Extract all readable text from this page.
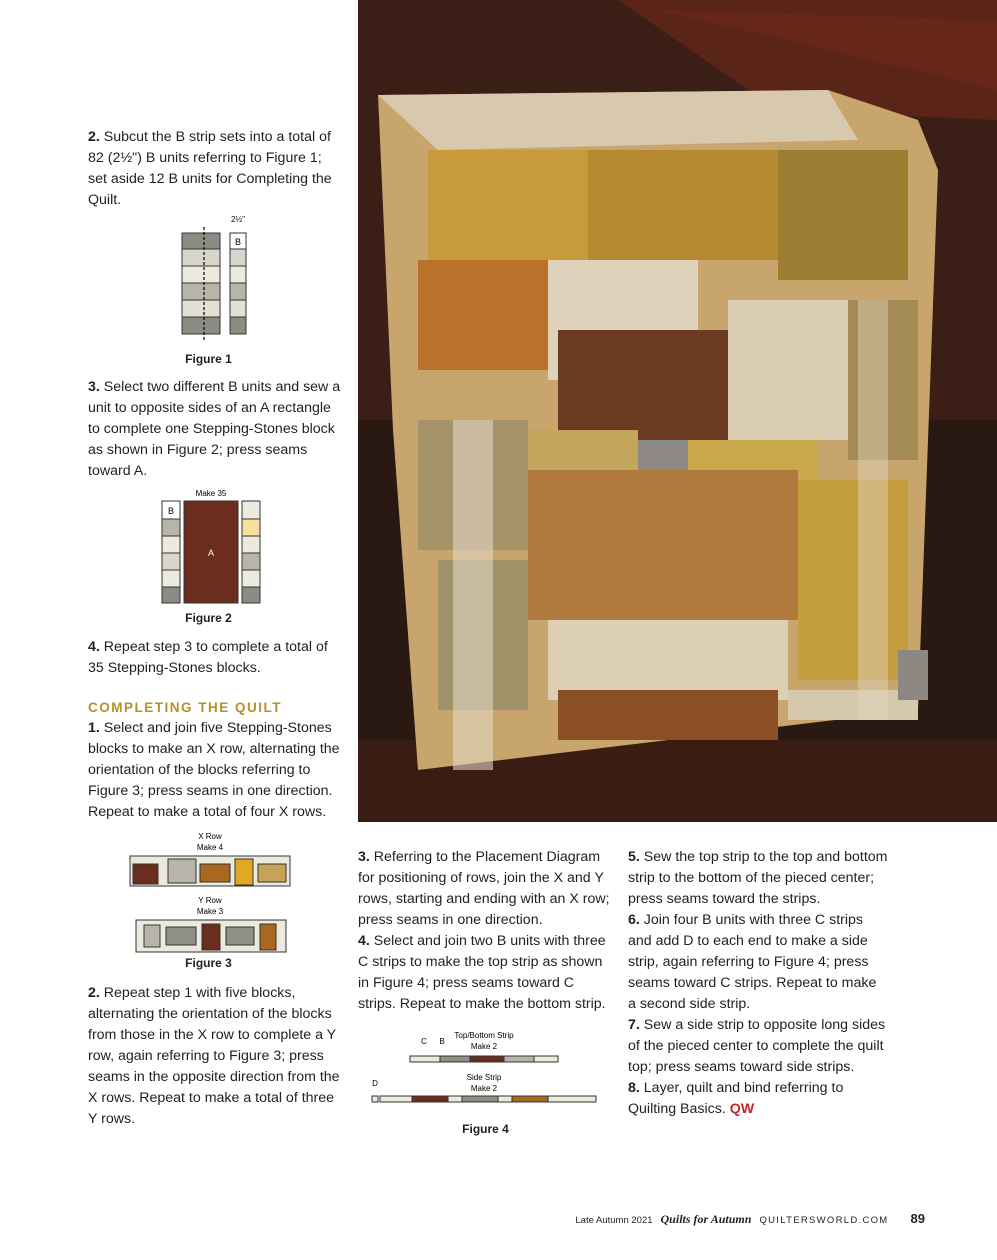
2. Subcut the B strip sets into a total of 82 (2½") B units referring to Figure 1; set aside 12 B units for Completing the Quilt.

2½"
B
Figure 1

3. Select two different B units and sew a unit to opposite sides of an A rectangle to complete one Stepping-Stones block as shown in Figure 2; press seams toward A.

Make 35
B
A
Figure 2

4. Repeat step 3 to complete a total of 35 Stepping-Stones blocks.

COMPLETING THE QUILT

1. Select and join five Stepping-Stones blocks to make an X row, alternating the orientation of the blocks referring to Figure 3; press seams in one direction. Repeat to make a total of four X rows.

X Row
Make 4
Y Row
Make 3
Figure 3

2. Repeat step 1 with five blocks, alternating the orientation of the blocks from those in the X row to complete a Y row, again referring to Figure 3; press seams in the opposite direction from the X rows. Repeat to make a total of three Y rows.

3. Referring to the Placement Diagram for positioning of rows, join the X and Y rows, starting and ending with an X row; press seams in one direction.

4. Select and join two B units with three C strips to make the top strip as shown in Figure 4; press seams toward C strips. Repeat to make the bottom strip.

Top/Bottom Strip
Make 2
C B
Side Strip
Make 2
D
Figure 4

5. Sew the top strip to the top and bottom strip to the bottom of the pieced center; press seams toward the strips.

6. Join four B units with three C strips and add D to each end to make a side strip, again referring to Figure 4; press seams toward C strips. Repeat to make a second side strip.

7. Sew a side strip to opposite long sides of the pieced center to complete the quilt top; press seams toward side strips.

8. Layer, quilt and bind referring to Quilting Basics. QW

Late Autumn 2021 Quilts for Autumn QUILTERSWORLD.COM 89
